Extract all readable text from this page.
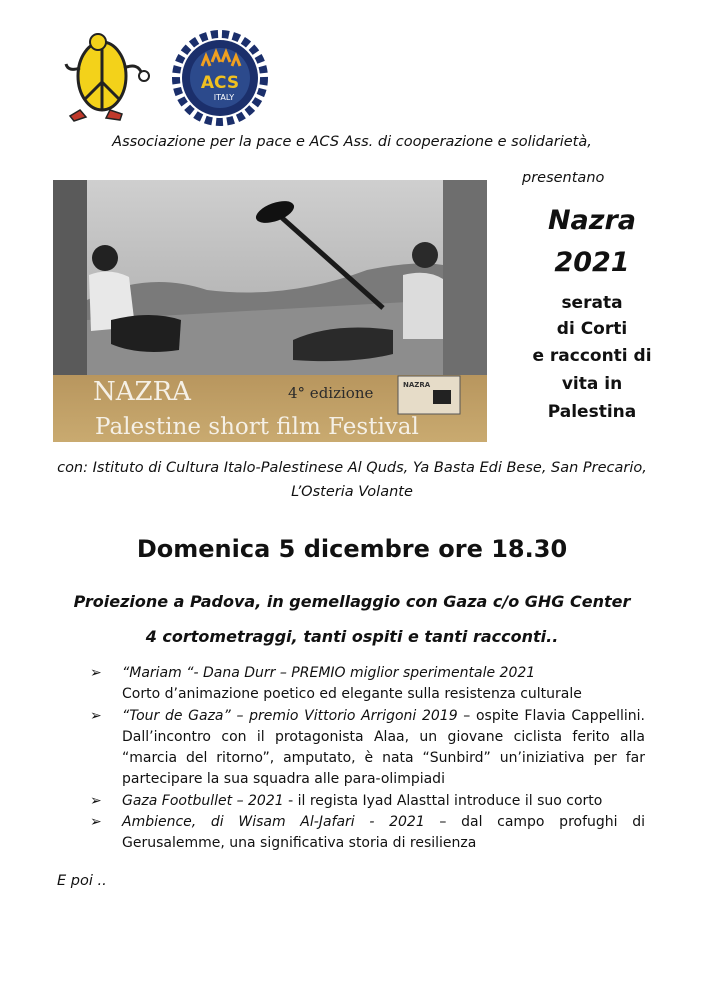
ACS
ITALY
Associazione per la pace e ACS Ass. di cooperazione e solidarietà,
presentano
NAZRA	4° edizione
Palestine short film Festival
NAZRA
Nazra
2021
serata
di Corti
e racconti di
vita in
Palestina
con: Istituto di Cultura Italo-Palestinese Al Quds, Ya Basta Edi Bese, San Precario, L’Osteria Volante
Domenica 5 dicembre ore 18.30
Proiezione a Padova, in gemellaggio con Gaza c/o GHG Center
4 cortometraggi, tanti ospiti e tanti racconti..
➢ “Mariam “- Dana Durr – PREMIO miglior sperimentale 2021
Corto d’animazione poetico ed elegante sulla resistenza culturale
➢ “Tour de Gaza” – premio Vittorio Arrigoni 2019 – ospite Flavia Cappellini. Dall’incontro con il protagonista Alaa, un giovane ciclista ferito alla “marcia del ritorno”, amputato, è nata “Sunbird” un’iniziativa per far partecipare la sua squadra alle para-olimpiadi
➢ Gaza Footbullet – 2021 - il regista Iyad Alasttal introduce il suo corto
➢ Ambience, di Wisam Al-Jafari - 2021 – dal campo profughi di Gerusalemme, una significativa storia di resilienza
E poi ..
